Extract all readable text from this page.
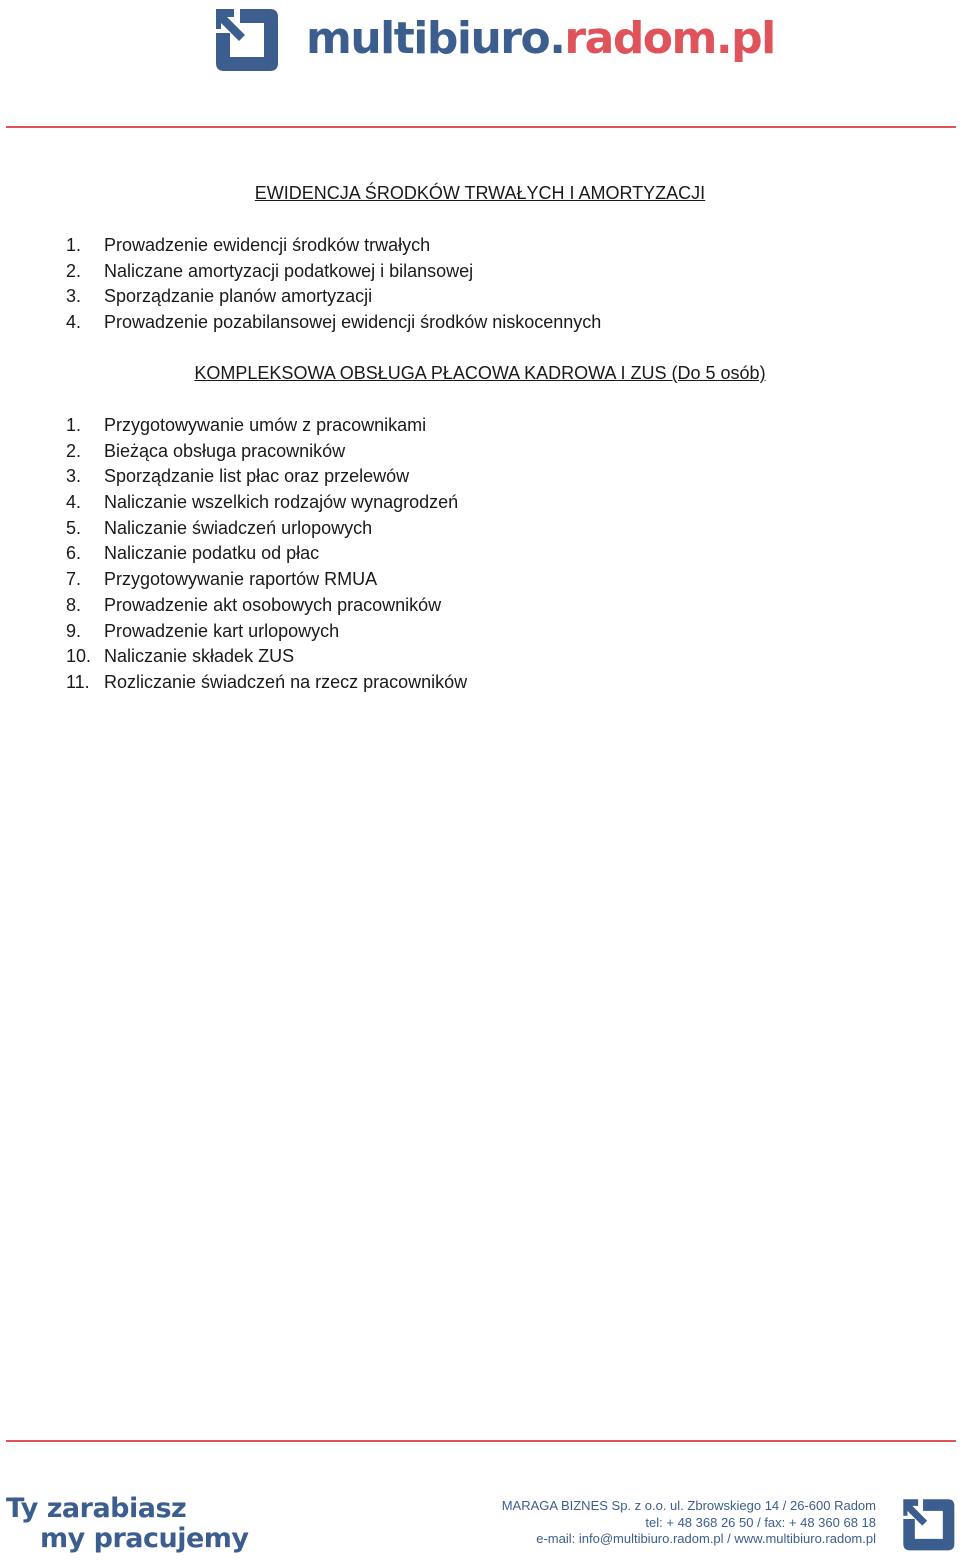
multibiuro.radom.pl
EWIDENCJA ŚRODKÓW TRWAŁYCH I AMORTYZACJI
1.	Prowadzenie ewidencji środków trwałych
2.	Naliczane amortyzacji podatkowej i bilansowej
3.	Sporządzanie planów amortyzacji
4.	Prowadzenie pozabilansowej ewidencji środków niskocennych
KOMPLEKSOWA OBSŁUGA PŁACOWA KADROWA I ZUS (Do 5 osób)
1.	Przygotowywanie umów z pracownikami
2.	Bieżąca obsługa pracowników
3.	Sporządzanie list płac oraz przelewów
4.	Naliczanie wszelkich rodzajów wynagrodzeń
5.	Naliczanie świadczeń urlopowych
6.	Naliczanie podatku od płac
7.	Przygotowywanie raportów RMUA
8.	Prowadzenie akt osobowych pracowników
9.	Prowadzenie kart urlopowych
10. Naliczanie składek ZUS
11. Rozliczanie świadczeń na rzecz pracowników
Ty zarabiasz
my pracujemy
MARAGA BIZNES Sp. z o.o. ul. Zbrowskiego 14 / 26-600 Radom
tel: + 48 368 26 50 / fax: + 48 360 68 18
e-mail: info@multibiuro.radom.pl / www.multibiuro.radom.pl
